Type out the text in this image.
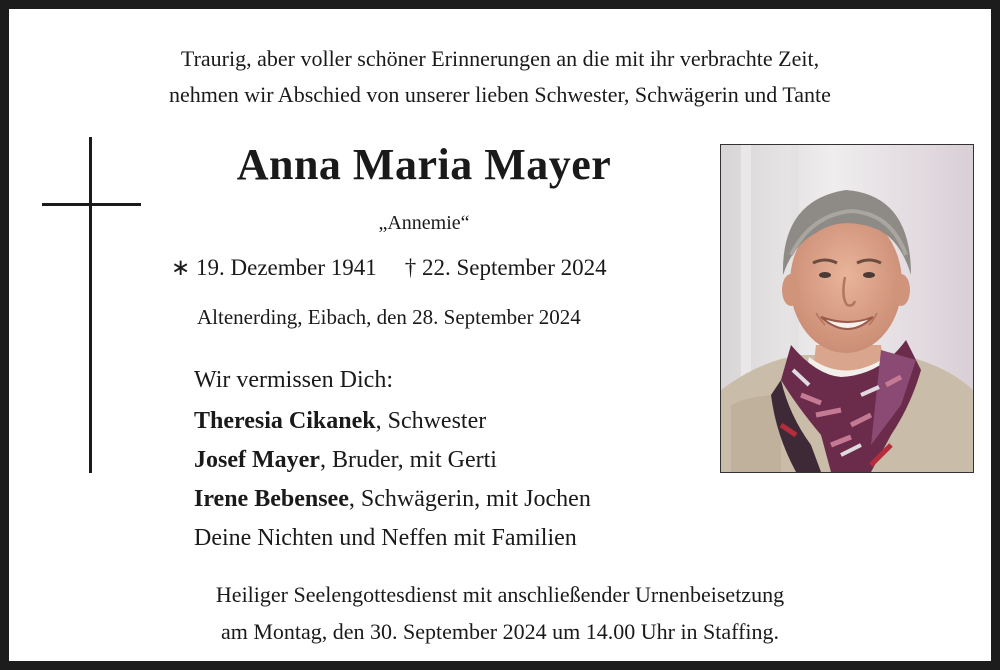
Traurig, aber voller schöner Erinnerungen an die mit ihr verbrachte Zeit,
nehmen wir Abschied von unserer lieben Schwester, Schwägerin und Tante
Anna Maria Mayer
„Annemie“
∗ 19. Dezember 1941 † 22. September 2024
Altenerding, Eibach, den 28. September 2024
Wir vermissen Dich:
Theresia Cikanek, Schwester
Josef Mayer, Bruder, mit Gerti
Irene Bebensee, Schwägerin, mit Jochen
Deine Nichten und Neffen mit Familien
Heiliger Seelengottesdienst mit anschließender Urnenbeisetzung
am Montag, den 30. September 2024 um 14.00 Uhr in Staffing.
